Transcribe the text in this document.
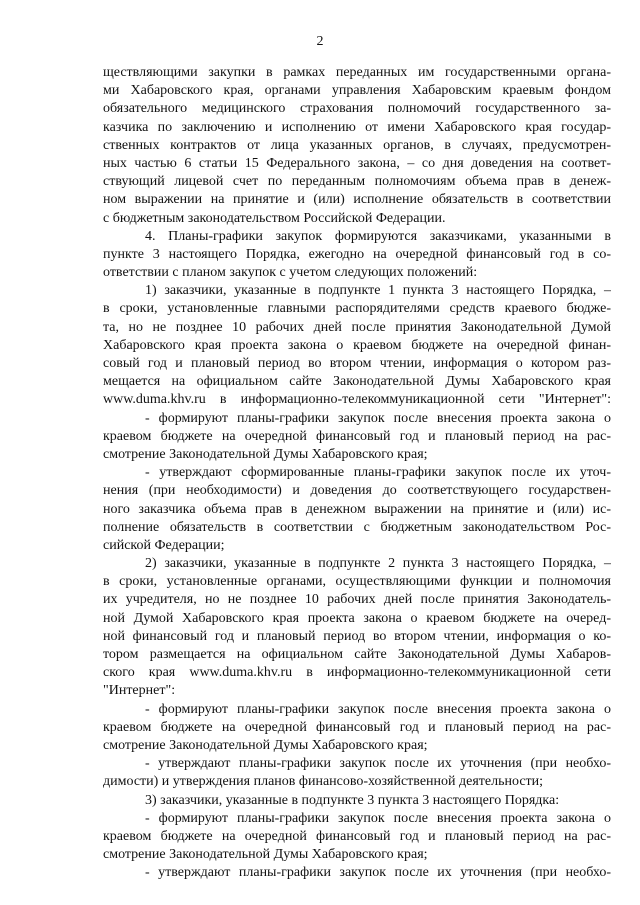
2
ществляющими закупки в рамках переданных им государственными органа-
ми Хабаровского края, органами управления Хабаровским краевым фондом
обязательного медицинского страхования полномочий государственного за-
казчика по заключению и исполнению от имени Хабаровского края государ-
ственных контрактов от лица указанных органов, в случаях, предусмотрен-
ных частью 6 статьи 15 Федерального закона, – со дня доведения на соответ-
ствующий лицевой счет по переданным полномочиям объема прав в денеж-
ном выражении на принятие и (или) исполнение обязательств в соответствии
с бюджетным законодательством Российской Федерации.
4. Планы-графики закупок формируются заказчиками, указанными в
пункте 3 настоящего Порядка, ежегодно на очередной финансовый год в со-
ответствии с планом закупок с учетом следующих положений:
1) заказчики, указанные в подпункте 1 пункта 3 настоящего Порядка, –
в сроки, установленные главными распорядителями средств краевого бюдже-
та, но не позднее 10 рабочих дней после принятия Законодательной Думой
Хабаровского края проекта закона о краевом бюджете на очередной финан-
совый год и плановый период во втором чтении, информация о котором раз-
мещается на официальном сайте Законодательной Думы Хабаровского края
www.duma.khv.ru в информационно-телекоммуникационной сети "Интернет":
- формируют планы-графики закупок после внесения проекта закона о
краевом бюджете на очередной финансовый год и плановый период на рас-
смотрение Законодательной Думы Хабаровского края;
- утверждают сформированные планы-графики закупок после их уточ-
нения (при необходимости) и доведения до соответствующего государствен-
ного заказчика объема прав в денежном выражении на принятие и (или) ис-
полнение обязательств в соответствии с бюджетным законодательством Рос-
сийской Федерации;
2) заказчики, указанные в подпункте 2 пункта 3 настоящего Порядка, –
в сроки, установленные органами, осуществляющими функции и полномочия
их учредителя, но не позднее 10 рабочих дней после принятия Законодатель-
ной Думой Хабаровского края проекта закона о краевом бюджете на очеред-
ной финансовый год и плановый период во втором чтении, информация о ко-
тором размещается на официальном сайте Законодательной Думы Хабаров-
ского края www.duma.khv.ru в информационно-телекоммуникационной сети
"Интернет":
- формируют планы-графики закупок после внесения проекта закона о
краевом бюджете на очередной финансовый год и плановый период на рас-
смотрение Законодательной Думы Хабаровского края;
- утверждают планы-графики закупок после их уточнения (при необхо-
димости) и утверждения планов финансово-хозяйственной деятельности;
3) заказчики, указанные в подпункте 3 пункта 3 настоящего Порядка:
- формируют планы-графики закупок после внесения проекта закона о
краевом бюджете на очередной финансовый год и плановый период на рас-
смотрение Законодательной Думы Хабаровского края;
- утверждают планы-графики закупок после их уточнения (при необхо-
